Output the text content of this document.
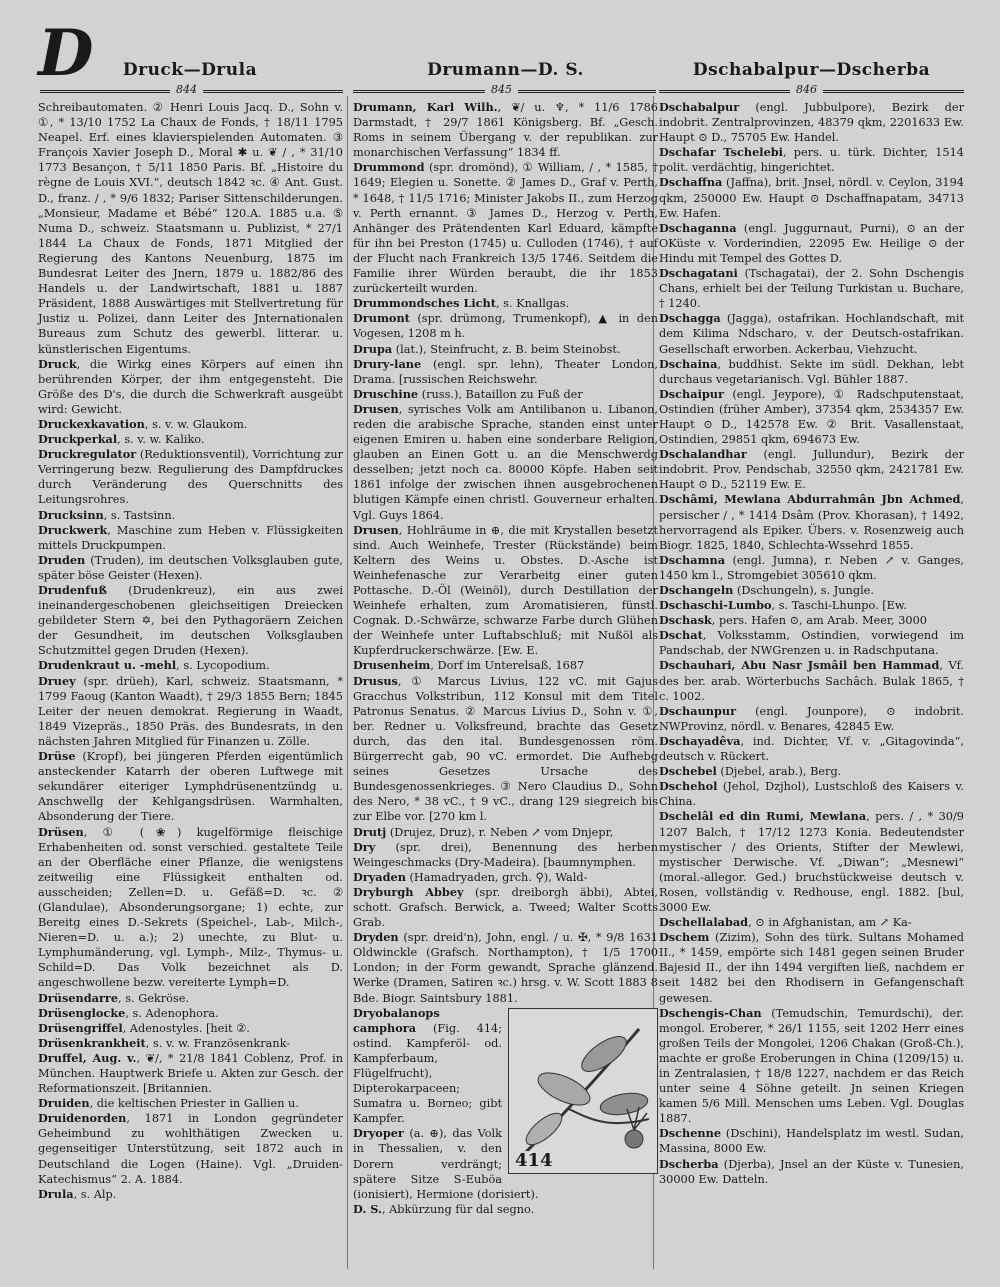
D	Druck—Drula	Drumann—D. S.	Dschabalpur—Dscherba
844	845	846

Schreibautomaten. ② Henri Louis Jacq. D., Sohn v. ①, * 13/10 1752 La Chaux de Fonds, † 18/11 1795 Neapel. Erf. eines klavierspielenden Automaten. ③ François Xavier Joseph D., Moral ✱ u. ❦ / , * 31/10 1773 Besançon, † 5/11 1850 Paris. Bf. „Histoire du règne de Louis XVI.“, deutsch 1842 ꝛc. ④ Ant. Gust. D., franz. / , * 9/6 1832; Pariser Sittenschilderungen. „Monsieur, Madame et Bébé“ 120.A. 1885 u.a. ⑤ Numa D., schweiz. Staatsmann u. Publizist, * 27/1 1844 La Chaux de Fonds, 1871 Mitglied der Regierung des Kantons Neuenburg, 1875 im Bundesrat Leiter des Jnern, 1879 u. 1882/86 des Handels u. der Landwirtschaft, 1881 u. 1887 Präsident, 1888 Auswärtiges mit Stellvertretung für Justiz u. Polizei, dann Leiter des Jnternationalen Bureaus zum Schutz des gewerbl. litterar. u. künstlerischen Eigentums.

Druck, die Wirkg eines Körpers auf einen ihn berührenden Körper, der ihm entgegensteht. Die Größe des D's, die durch die Schwerkraft ausgeübt wird: Gewicht.

Druckexkavation, s. v. w. Glaukom.

Druckperkal, s. v. w. Kaliko.

Druckregulator (Reduktionsventil), Vorrichtung zur Verringerung bezw. Regulierung des Dampfdruckes durch Veränderung des Querschnitts des Leitungsrohres.

Drucksinn, s. Tastsinn.

Druckwerk, Maschine zum Heben v. Flüssigkeiten mittels Druckpumpen.

Druden (Truden), im deutschen Volksglauben gute, später böse Geister (Hexen).

Drudenfuß (Drudenkreuz), ein aus zwei ineinandergeschobenen gleichseitigen Dreiecken gebildeter Stern ✡, bei den Pythagoräern Zeichen der Gesundheit, im deutschen Volksglauben Schutzmittel gegen Druden (Hexen).

Drudenkraut u. -mehl, s. Lycopodium.

Druey (spr. drüeh), Karl, schweiz. Staatsmann, * 1799 Faoug (Kanton Waadt), † 29/3 1855 Bern; 1845 Leiter der neuen demokrat. Regierung in Waadt, 1849 Vizepräs., 1850 Präs. des Bundesrats, in den nächsten Jahren Mitglied für Finanzen u. Zölle.

Drüse (Kropf), bei jüngeren Pferden eigentümlich ansteckender Katarrh der oberen Luftwege mit sekundärer eiteriger Lymphdrüsenentzündg u. Anschwellg der Kehlgangsdrüsen. Warmhalten, Absonderung der Tiere.

Drüsen, ① (❀) kugelförmige fleischige Erhabenheiten od. sonst verschied. gestaltete Teile an der Oberfläche einer Pflanze, die wenigstens zeitweilig eine Flüssigkeit enthalten od. ausscheiden; Zellen=D. u. Gefäß=D. ꝛc. ② (Glandulae), Absonderungsorgane; 1) echte, zur Bereitg eines D.-Sekrets (Speichel-, Lab-, Milch-, Nieren=D. u. a.); 2) unechte, zu Blut- u. Lymphumänderung, vgl. Lymph-, Milz-, Thymus- u. Schild=D. Das Volk bezeichnet als D. angeschwollene bezw. vereiterte Lymph=D.

Drüsendarre, s. Gekröse.

Drüsenglocke, s. Adenophora.

Drüsengriffel, Adenostyles. [heit ②.

Drüsenkrankheit, s. v. w. Französenkrank-

Druffel, Aug. v., ❦/, * 21/8 1841 Coblenz, Prof. in München. Hauptwerk Briefe u. Akten zur Gesch. der Reformationszeit. [Britannien.

Druiden, die keltischen Priester in Gallien u.

Druidenorden, 1871 in London gegründeter Geheimbund zu wohlthätigen Zwecken u. gegenseitiger Unterstützung, seit 1872 auch in Deutschland die Logen (Haine). Vgl. „Druiden-Katechismus“ 2. A. 1884.

Drula, s. Alp.

Drumann, Karl Wilh., ❦/ u. ♆, * 11/6 1786 Darmstadt, † 29/7 1861 Königsberg. Bf. „Gesch. Roms in seinem Übergang v. der republikan. zur monarchischen Verfassung“ 1834 ff.

Drummond (spr. dromönd), ① William, / , * 1585, † 1649; Elegien u. Sonette. ② James D., Graf v. Perth, * 1648, † 11/5 1716; Minister Jakobs II., zum Herzog v. Perth ernannt. ③ James D., Herzog v. Perth, Anhänger des Prätendenten Karl Eduard, kämpfte für ihn bei Preston (1745) u. Culloden (1746), † auf der Flucht nach Frankreich 13/5 1746. Seitdem die Familie ihrer Würden beraubt, die ihr 1853 zurückerteilt wurden.

Drummondsches Licht, s. Knallgas.

Drumont (spr. drümong, Trumenkopf), ▲ in den Vogesen, 1208 m h.

Drupa (lat.), Steinfrucht, z. B. beim Steinobst.

Drury-lane (engl. spr. lehn), Theater London, Drama. [russischen Reichswehr.

Druschine (russ.), Bataillon zu Fuß der

Drusen, syrisches Volk am Antilibanon u. Libanon, reden die arabische Sprache, standen einst unter eigenen Emiren u. haben eine sonderbare Religion, glauben an Einen Gott u. an die Menschwerdg desselben; jetzt noch ca. 80000 Köpfe. Haben seit 1861 infolge der zwischen ihnen ausgebrochenen blutigen Kämpfe einen christl. Gouverneur erhalten. Vgl. Guys 1864.

Drusen, Hohlräume in ⊕, die mit Krystallen besetzt sind. Auch Weinhefe, Trester (Rückstände) beim Keltern des Weins u. Obstes. D.-Asche ist Weinhefenasche zur Verarbeitg einer guten Pottasche. D.-Öl (Weinöl), durch Destillation der Weinhefe erhalten, zum Aromatisieren, fünstl. Cognak. D.-Schwärze, schwarze Farbe durch Glühen der Weinhefe unter Luftabschluß; mit Nußöl als Kupferdruckerschwärze. [Ew. E.

Drusenheim, Dorf im Unterelsaß, 1687

Drusus, ① Marcus Livius, 122 vC. mit Gajus Gracchus Volkstribun, 112 Konsul mit dem Titel Patronus Senatus. ② Marcus Livius D., Sohn v. ①, ber. Redner u. Volksfreund, brachte das Gesetz durch, das den ital. Bundesgenossen röm. Bürgerrecht gab, 90 vC. ermordet. Die Aufhebg seines Gesetzes Ursache des Bundesgenossenkrieges. ③ Nero Claudius D., Sohn des Nero, * 38 vC., † 9 vC., drang 129 siegreich bis zur Elbe vor. [270 km l.

Drutj (Drujez, Druz), r. Neben ↗ vom Dnjepr,

Dry (spr. drei), Benennung des herben Weingeschmacks (Dry-Madeira). [baumnymphen.

Dryaden (Hamadryaden, grch. ⚲), Wald-

Dryburgh Abbey (spr. dreiborgh äbbi), Abtei, schott. Grafsch. Berwick, a. Tweed; Walter Scotts Grab.

Dryden (spr. dreid'n), John, engl. / u. ✠, * 9/8 1631 Oldwinckle (Grafsch. Northampton), † 1/5 1700 London; in der Form gewandt, Sprache glänzend. Werke (Dramen, Satiren ꝛc.) hrsg. v. W. Scott 1883 8 Bde. Biogr. Saintsbury 1881.

414

Dryobalanops camphora (Fig. 414; ostind. Kampferöl- od. Kampferbaum, Flügelfrucht), Dipterokarpaceen; Sumatra u. Borneo; gibt Kampfer.

Dryoper (a. ⊕), das Volk in Thessalien, v. den Dorern verdrängt; spätere Sitze S-Euböa (ionisiert), Hermione (dorisiert).

D. S., Abkürzung für dal segno.

Dschabalpur (engl. Jubbulpore), Bezirk der indobrit. Zentralprovinzen, 48379 qkm, 2201633 Ew. Haupt ⊙ D., 75705 Ew. Handel.

Dschafar Tschelebi, pers. u. türk. Dichter, 1514 polit. verdächtig, hingerichtet.

Dschaffna (Jaffna), brit. Jnsel, nördl. v. Ceylon, 3194 qkm, 250000 Ew. Haupt ⊙ Dschaffnapatam, 34713 Ew. Hafen.

Dschaganna (engl. Juggurnaut, Purni), ⊙ an der OKüste v. Vorderindien, 22095 Ew. Heilige ⊙ der Hindu mit Tempel des Gottes D.

Dschagatani (Tschagatai), der 2. Sohn Dschengis Chans, erhielt bei der Teilung Turkistan u. Buchare, † 1240.

Dschagga (Jagga), ostafrikan. Hochlandschaft, mit dem Kilima Ndscharo, v. der Deutsch-ostafrikan. Gesellschaft erworben. Ackerbau, Viehzucht.

Dschaina, buddhist. Sekte im südl. Dekhan, lebt durchaus vegetarianisch. Vgl. Bühler 1887.

Dschaipur (engl. Jeypore), ① Radschputenstaat, Ostindien (früher Amber), 37354 qkm, 2534357 Ew. Haupt ⊙ D., 142578 Ew. ② Brit. Vasallenstaat, Ostindien, 29851 qkm, 694673 Ew.

Dschalandhar (engl. Jullundur), Bezirk der indobrit. Prov. Pendschab, 32550 qkm, 2421781 Ew. Haupt ⊙ D., 52119 Ew. E.

Dschâmi, Mewlana Abdurrahmân Jbn Achmed, persischer / , * 1414 Dsâm (Prov. Khorasan), † 1492, hervorragend als Epiker. Übers. v. Rosenzweig auch Biogr. 1825, 1840, Schlechta-Wssehrd 1855.

Dschamna (engl. Jumna), r. Neben ↗ v. Ganges, 1450 km l., Stromgebiet 305610 qkm.

Dschangeln (Dschungeln), s. Jungle.

Dschaschi-Lumbo, s. Taschi-Lhunpo. [Ew.

Dschask, pers. Hafen ⊙, am Arab. Meer, 3000

Dschat, Volksstamm, Ostindien, vorwiegend im Pandschab, der NWGrenzen u. in Radschputana.

Dschauhari, Abu Nasr Jsmâil ben Hammad, Vf. des ber. arab. Wörterbuchs Sachâch. Bulak 1865, † c. 1002.

Dschaunpur (engl. Jounpore), ⊙ indobrit. NWProvinz, nördl. v. Benares, 42845 Ew.

Dschayadêva, ind. Dichter, Vf. v. „Gitagovinda“, deutsch v. Rückert.

Dschebel (Djebel, arab.), Berg.

Dschehol (Jehol, Dzjhol), Lustschloß des Kaisers v. China.

Dschelâl ed din Rumi, Mewlana, pers. / , * 30/9 1207 Balch, † 17/12 1273 Konia. Bedeutendster mystischer / des Orients, Stifter der Mewlewi, mystischer Derwische. Vf. „Diwan“; „Mesnewi“ (moral.-allegor. Ged.) bruchstückweise deutsch v. Rosen, vollständig v. Redhouse, engl. 1882. [bul, 3000 Ew.

Dschellalabad, ⊙ in Afghanistan, am ↗ Ka-

Dschem (Zizim), Sohn des türk. Sultans Mohamed II., * 1459, empörte sich 1481 gegen seinen Bruder Bajesid II., der ihn 1494 vergiften ließ, nachdem er seit 1482 bei den Rhodisern in Gefangenschaft gewesen.

Dschengis-Chan (Temudschin, Temurdschi), der. mongol. Eroberer, * 26/1 1155, seit 1202 Herr eines großen Teils der Mongolei, 1206 Chakan (Groß-Ch.), machte er große Eroberungen in China (1209/15) u. in Zentralasien, † 18/8 1227, nachdem er das Reich unter seine 4 Söhne geteilt. Jn seinen Kriegen kamen 5/6 Mill. Menschen ums Leben. Vgl. Douglas 1887.

Dschenne (Dschini), Handelsplatz im westl. Sudan, Massina, 8000 Ew.

Dscherba (Djerba), Jnsel an der Küste v. Tunesien, 30000 Ew. Datteln.
